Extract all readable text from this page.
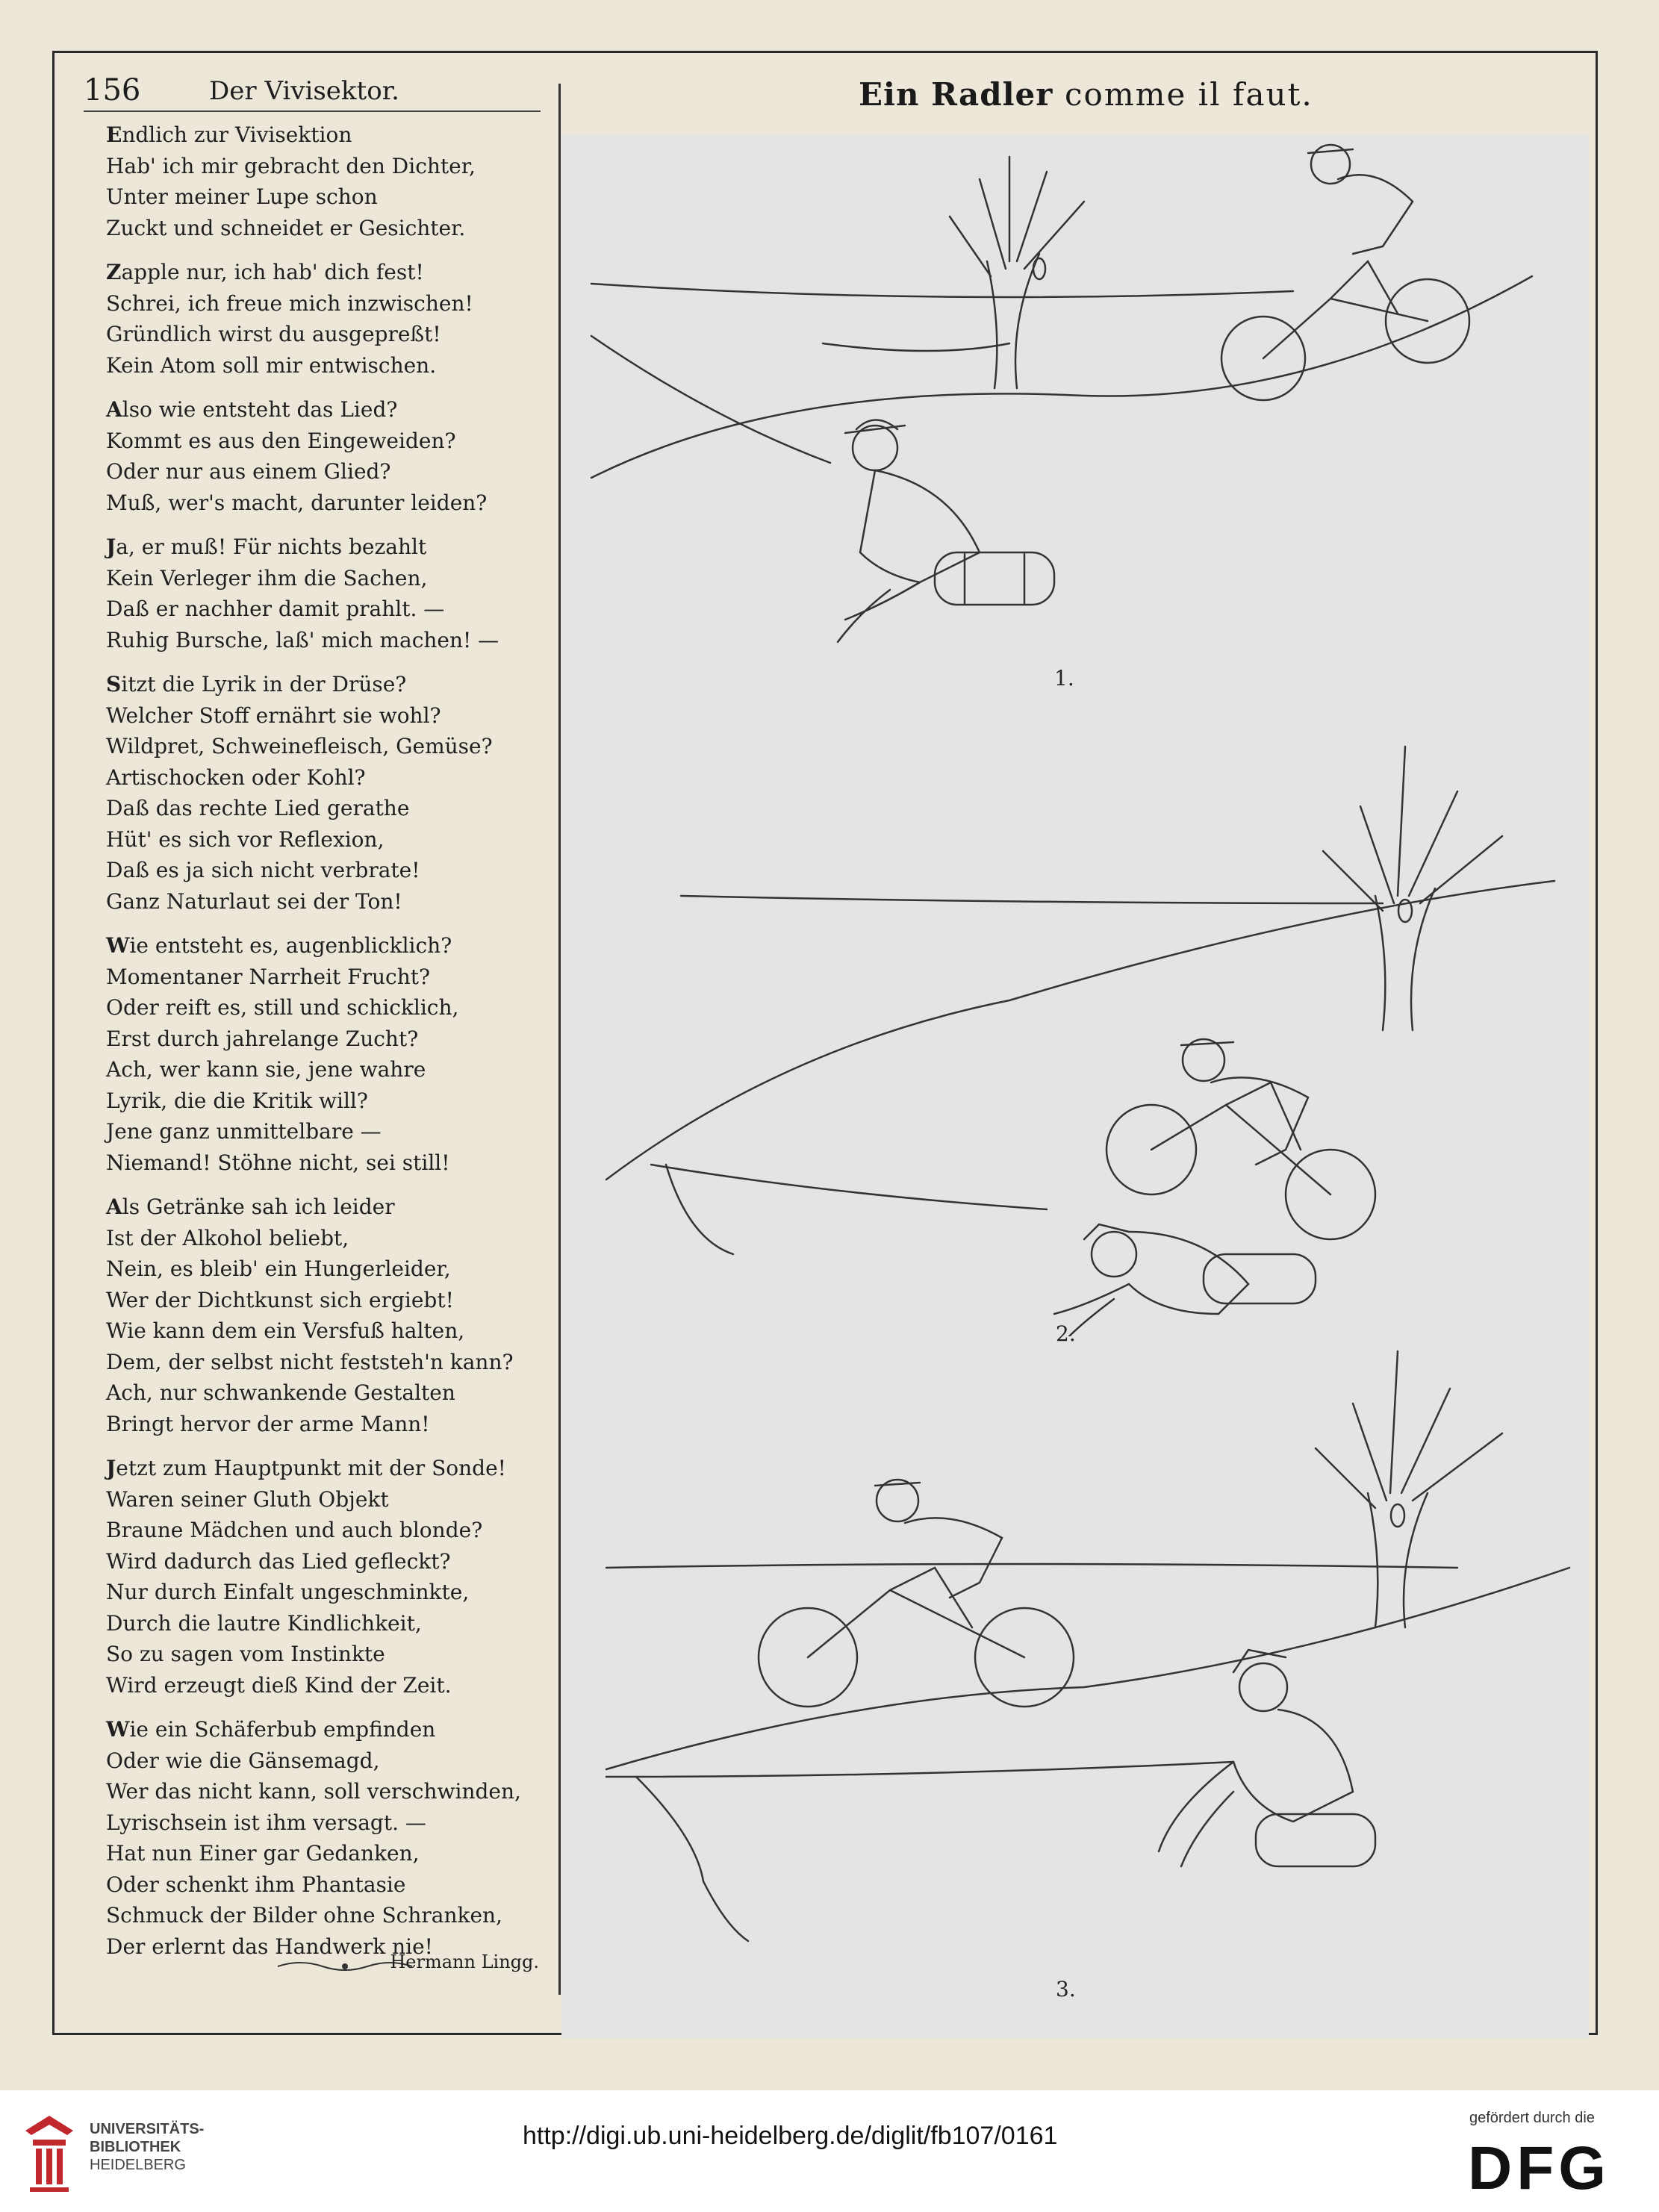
156	Der Vivisektor.
Endlich zur Vivisektion
Hab' ich mir gebracht den Dichter,
Unter meiner Lupe schon
Zuckt und schneidet er Gesichter.
Zapple nur, ich hab' dich fest!
Schrei, ich freue mich inzwischen!
Gründlich wirst du ausgepreßt!
Kein Atom soll mir entwischen.
Also wie entsteht das Lied?
Kommt es aus den Eingeweiden?
Oder nur aus einem Glied?
Muß, wer's macht, darunter leiden?
Ja, er muß! Für nichts bezahlt
Kein Verleger ihm die Sachen,
Daß er nachher damit prahlt. —
Ruhig Bursche, laß' mich machen! —
Sitzt die Lyrik in der Drüse?
Welcher Stoff ernährt sie wohl?
Wildpret, Schweinefleisch, Gemüse?
Artischocken oder Kohl?
Daß das rechte Lied gerathe
Hüt' es sich vor Reflexion,
Daß es ja sich nicht verbrate!
Ganz Naturlaut sei der Ton!
Wie entsteht es, augenblicklich?
Momentaner Narrheit Frucht?
Oder reift es, still und schicklich,
Erst durch jahrelange Zucht?
Ach, wer kann sie, jene wahre
Lyrik, die die Kritik will?
Jene ganz unmittelbare —
Niemand! Stöhne nicht, sei still!
Als Getränke sah ich leider
Ist der Alkohol beliebt,
Nein, es bleib' ein Hungerleider,
Wer der Dichtkunst sich ergiebt!
Wie kann dem ein Versfuß halten,
Dem, der selbst nicht feststeh'n kann?
Ach, nur schwankende Gestalten
Bringt hervor der arme Mann!
Jetzt zum Hauptpunkt mit der Sonde!
Waren seiner Gluth Objekt
Braune Mädchen und auch blonde?
Wird dadurch das Lied gefleckt?
Nur durch Einfalt ungeschminkte,
Durch die lautre Kindlichkeit,
So zu sagen vom Instinkte
Wird erzeugt dieß Kind der Zeit.
Wie ein Schäferbub empfinden
Oder wie die Gänsemagd,
Wer das nicht kann, soll verschwinden,
Lyrischsein ist ihm versagt. —
Hat nun Einer gar Gedanken,
Oder schenkt ihm Phantasie
Schmuck der Bilder ohne Schranken,
Der erlernt das Handwerk nie!
Hermann Lingg.
Ein Radler comme il faut.
1.
2.
3.
UNIVERSITÄTS-
BIBLIOTHEK
HEIDELBERG
http://digi.ub.uni-heidelberg.de/diglit/fb107/0161
gefördert durch die
DFG
